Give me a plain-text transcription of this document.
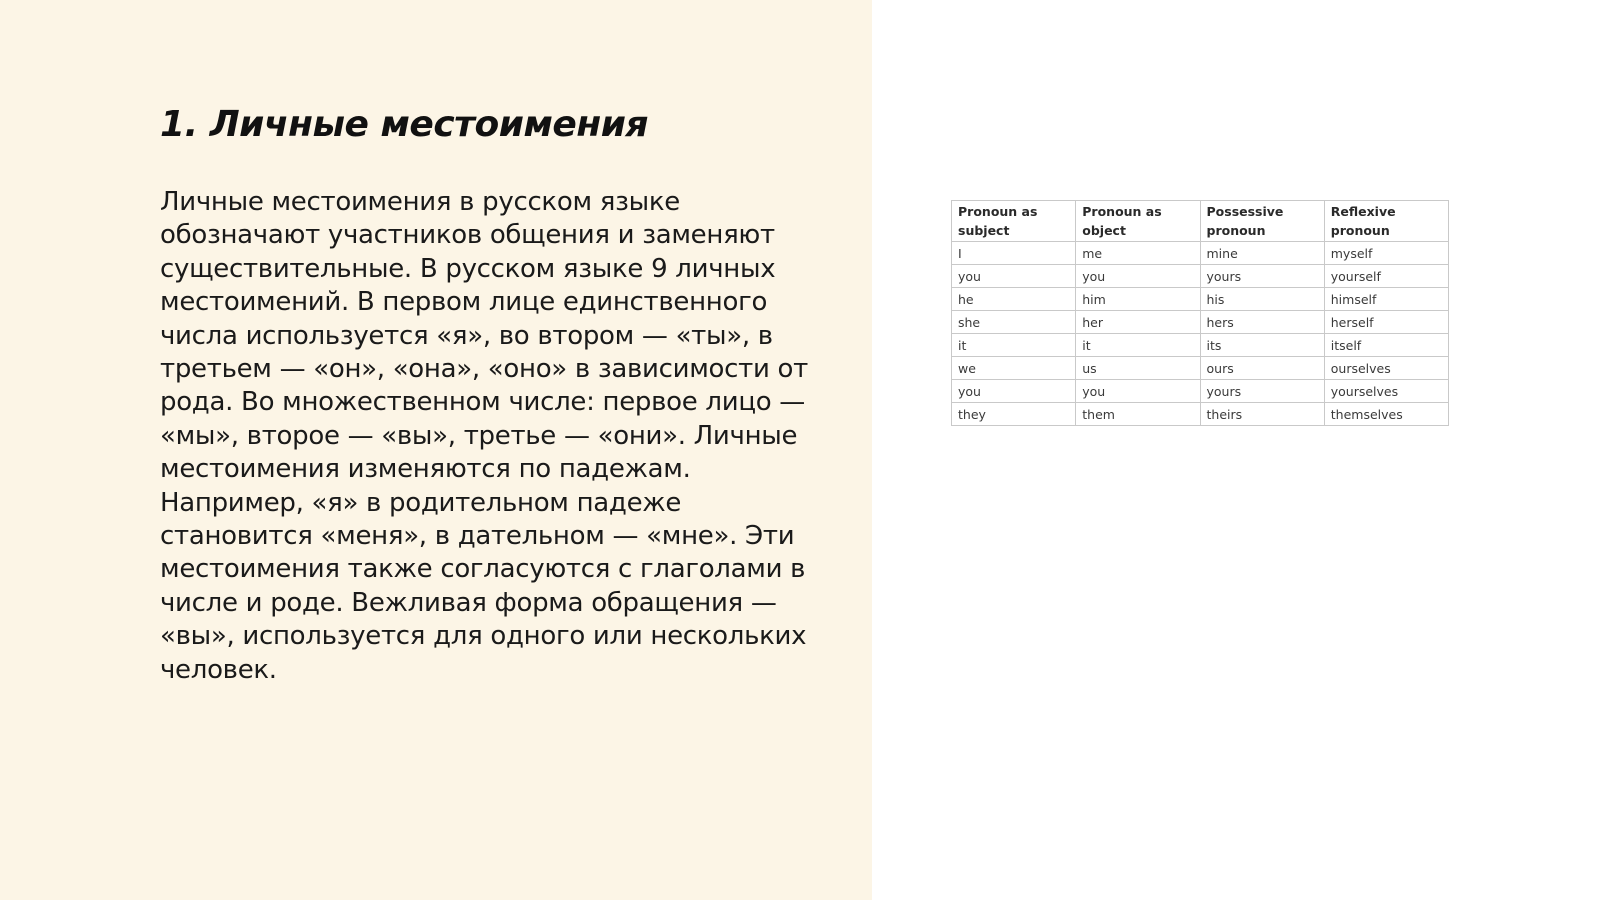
1. Личные местоимения

Личные местоимения в русском языке обозначают участников общения и заменяют существительные. В русском языке 9 личных местоимений. В первом лице единственного числа используется «я», во втором — «ты», в третьем — «он», «она», «оно» в зависимости от рода. Во множественном числе: первое лицо — «мы», второе — «вы», третье — «они». Личные местоимения изменяются по падежам. Например, «я» в родительном падеже становится «меня», в дательном — «мне». Эти местоимения также согласуются с глаголами в числе и роде. Вежливая форма обращения — «вы», используется для одного или нескольких человек.

Pronoun as subject	Pronoun as object	Possessive pronoun	Reflexive pronoun
I	me	mine	myself
you	you	yours	yourself
he	him	his	himself
she	her	hers	herself
it	it	its	itself
we	us	ours	ourselves
you	you	yours	yourselves
they	them	theirs	themselves
